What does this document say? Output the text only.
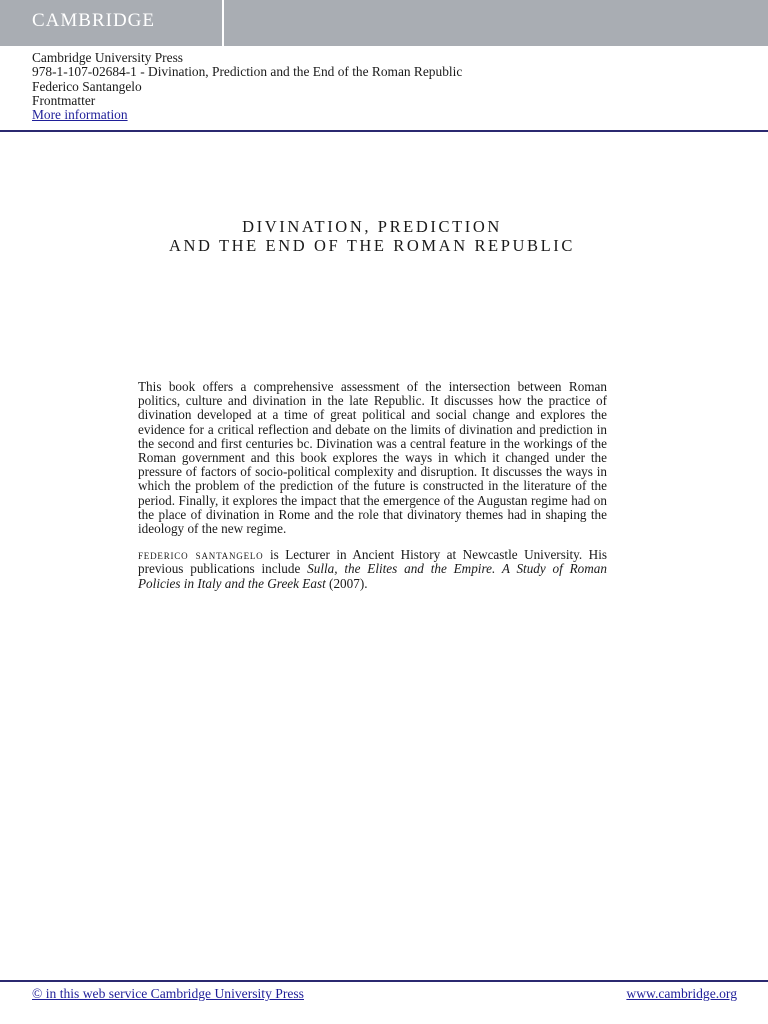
CAMBRIDGE
Cambridge University Press
978-1-107-02684-1 - Divination, Prediction and the End of the Roman Republic
Federico Santangelo
Frontmatter
More information
DIVINATION, PREDICTION
AND THE END OF THE ROMAN REPUBLIC

This book offers a comprehensive assessment of the intersection between Roman politics, culture and divination in the late Republic. It discusses how the practice of divination developed at a time of great political and social change and explores the evidence for a critical reflection and debate on the limits of divination and prediction in the second and first centuries bc. Divination was a central feature in the workings of the Roman government and this book explores the ways in which it changed under the pressure of factors of socio-political complexity and disruption. It discusses the ways in which the problem of the prediction of the future is constructed in the literature of the period. Finally, it explores the impact that the emergence of the Augustan regime had on the place of divination in Rome and the role that divinatory themes had in shaping the ideology of the new regime.

federico santangelo is Lecturer in Ancient History at Newcastle University. His previous publications include Sulla, the Elites and the Empire. A Study of Roman Policies in Italy and the Greek East (2007).

© in this web service Cambridge University Press	www.cambridge.org
